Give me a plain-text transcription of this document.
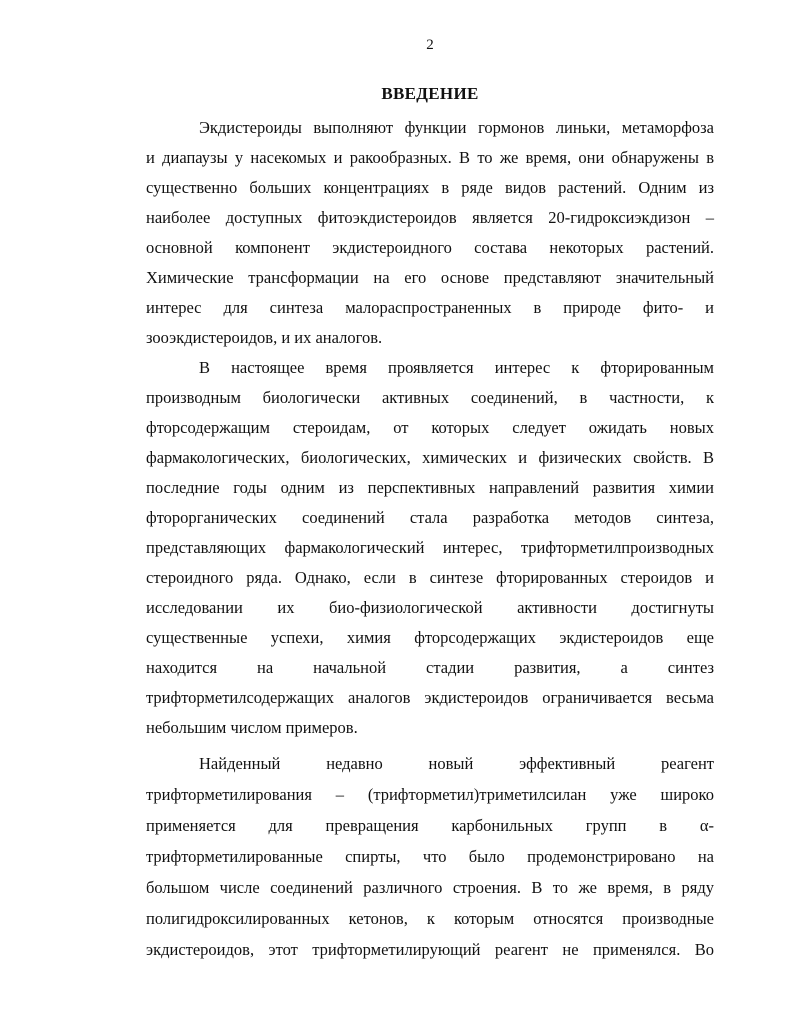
2
ВВЕДЕНИЕ
Экдистероиды выполняют функции гормонов линьки, метаморфоза
и диапаузы у насекомых и ракообразных. В то же время, они обнаружены в
существенно больших концентрациях в ряде видов растений. Одним из
наиболее доступных фитоэкдистероидов является 20-гидроксиэкдизон –
основной компонент экдистероидного состава некоторых растений.
Химические трансформации на его основе представляют значительный
интерес для синтеза малораспространенных в природе фито- и
зооэкдистероидов, и их аналогов.
В настоящее время проявляется интерес к фторированным
производным биологически активных соединений, в частности, к
фторсодержащим стероидам, от которых следует ожидать новых
фармакологических, биологических, химических и физических свойств. В
последние годы одним из перспективных направлений развития химии
фторорганических соединений стала разработка методов синтеза,
представляющих фармакологический интерес, трифторметилпроизводных
стероидного ряда. Однако, если в синтезе фторированных стероидов и
исследовании их био-физиологической активности достигнуты
существенные успехи, химия фторсодержащих экдистероидов еще
находится на начальной стадии развития, а синтез
трифторметилсодержащих аналогов экдистероидов ограничивается весьма
небольшим числом примеров.
Найденный недавно новый эффективный реагент
трифторметилирования – (трифторметил)триметилсилан уже широко
применяется для превращения карбонильных групп в α-
трифторметилированные спирты, что было продемонстрировано на
большом числе соединений различного строения. В то же время, в ряду
полигидроксилированных кетонов, к которым относятся производные
экдистероидов, этот трифторметилирующий реагент не применялся. Во
